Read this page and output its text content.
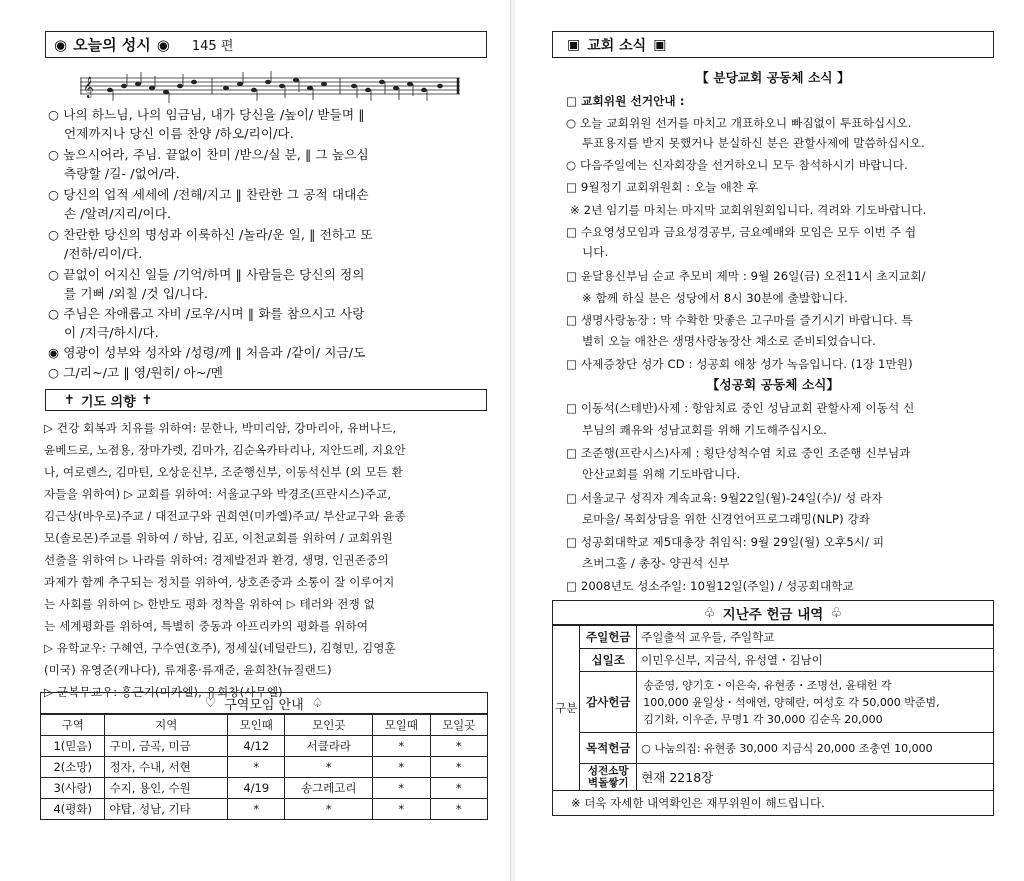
◉ 오늘의 성시 ◉ 145 편
𝄞
○ 나의 하느님, 나의 임금님, 내가 당신을 /높이/ 받들며 ‖
언제까지나 당신 이름 찬양 /하오/리이/다.
○ 높으시어라, 주님. 끝없이 찬미 /받으/실 분, ‖ 그 높으심
측량할 /길- /없어/라.
○ 당신의 업적 세세에 /전해/지고 ‖ 찬란한 그 공적 대대손
손 /알려/지리/이다.
○ 찬란한 당신의 명성과 이룩하신 /놀라/운 일, ‖ 전하고 또
/전하/리이/다.
○ 끝없이 어지신 일들 /기억/하며 ‖ 사람들은 당신의 정의
를 기뻐 /외칠 /것 입/니다.
○ 주님은 자애롭고 자비 /로우/시며 ‖ 화를 참으시고 사랑
이 /지극/하시/다.
◉ 영광이 성부와 성자와 /성령/께 ‖ 처음과 /같이/ 지금/도
○ 그/리~/고 ‖ 영/원히/ 아~/멘
✝ 기도 의향 ✝
▷ 건강 회복과 치유를 위하여: 문한나, 박미리암, 강마리아, 유버나드,
윤베드로, 노점용, 장마가렛, 김마가, 김순옥카타리나, 지안드레, 지요안
나, 여로렌스, 김마틴, 오상운신부, 조준행신부, 이동석신부 (외 모든 환
자들을 위하여) ▷ 교회를 위하여: 서울교구와 박경조(프란시스)주교,
김근상(바우로)주교 / 대전교구와 권희연(미카엘)주교/ 부산교구와 윤종
모(솔로몬)주교를 위하여 / 하남, 김포, 이천교회를 위하여 / 교회위원
선출을 위하여 ▷ 나라를 위하여: 경제발전과 환경, 생명, 인권존중의
과제가 함께 추구되는 정치를 위하여, 상호존중과 소통이 잘 이루어지
는 사회를 위하여 ▷ 한반도 평화 정착을 위하여 ▷ 테러와 전쟁 없
는 세계평화를 위하여, 특별히 중동과 아프리카의 평화를 위하여
▷ 유학교우: 구혜연, 구수연(호주), 정세실(네덜란드), 김형민, 김영훈
(미국) 유영준(캐나다), 류재홍·류재준, 윤희찬(뉴질랜드)
▷ 군복무교우: 홍근기(미카엘), 유희창(사무엘)
♡ 구역모임 안내 ♤
구역	지역	모인때	모인곳	모일때	모일곳
1(믿음)	구미, 금곡, 미금	4/12	서클라라	*	*
2(소망)	정자, 수내, 서현	*	*	*	*
3(사랑)	수지, 용인, 수원	4/19	송그레고리	*	*
4(평화)	야탑, 성남, 기타	*	*	*	*
▣ 교회 소식 ▣
【 분당교회 공동체 소식 】
□ 교회위원 선거안내 :
○ 오늘 교회위원 선거를 마치고 개표하오니 빠짐없이 투표하십시오.
투표용지를 받지 못했거나 분실하신 분은 관할사제에 말씀하십시오.
○ 다음주일에는 신자회장을 선거하오니 모두 참석하시기 바랍니다.
□ 9월정기 교회위원회 : 오늘 애찬 후
※ 2년 임기를 마치는 마지막 교회위원회입니다. 격려와 기도바랍니다.
□ 수요영성모임과 금요성경공부, 금요예배와 모임은 모두 이번 주 쉽
니다.
□ 윤달용신부님 순교 추모비 제막 : 9월 26일(금) 오전11시 초지교회/
※ 함께 하실 분은 성당에서 8시 30분에 출발합니다.
□ 생명사랑농장 : 막 수확한 맛좋은 고구마를 즐기시기 바랍니다. 특
별히 오늘 애찬은 생명사랑농장산 채소로 준비되었습니다.
□ 사제증창단 성가 CD : 성공회 애창 성가 녹음입니다. (1장 1만원)
【성공회 공동체 소식】
□ 이동석(스테반)사제 : 항암치료 중인 성남교회 관할사제 이동석 신
부님의 쾌유와 성남교회를 위해 기도해주십시오.
□ 조준행(프란시스)사제 : 횡단성척수염 치료 중인 조준행 신부님과
안산교회를 위해 기도바랍니다.
□ 서울교구 성직자 계속교육: 9월22일(월)-24일(수)/ 성 라자
로마을/ 목회상담을 위한 신경언어프로그래밍(NLP) 강좌
□ 성공회대학교 제5대총장 취임식: 9월 29일(월) 오후5시/ 피
츠버그홀 / 총장- 양권석 신부
□ 2008년도 성소주일: 10월12일(주일) / 성공회대학교
♧ 지난주 헌금 내역 ♧
구분	주일헌금	주일출석 교우들, 주일학교
	십일조	이민우신부, 지금식, 유성열・김남이
	감사헌금	송준영, 양기호・이은숙, 유현종・조명선, 윤태헌 각
100,000 윤일상・석애연, 양혜란, 여성호 각 50,000 박준범,
김기화, 이우준, 무명1 각 30,000 김순옥 20,000

	목적헌금	○ 나눔의집: 유현종 30,000 지금식 20,000 조충연 10,000
	성전소망
벽돌쌓기	현재 2218장
※ 더욱 자세한 내역확인은 재무위원이 해드립니다.		
